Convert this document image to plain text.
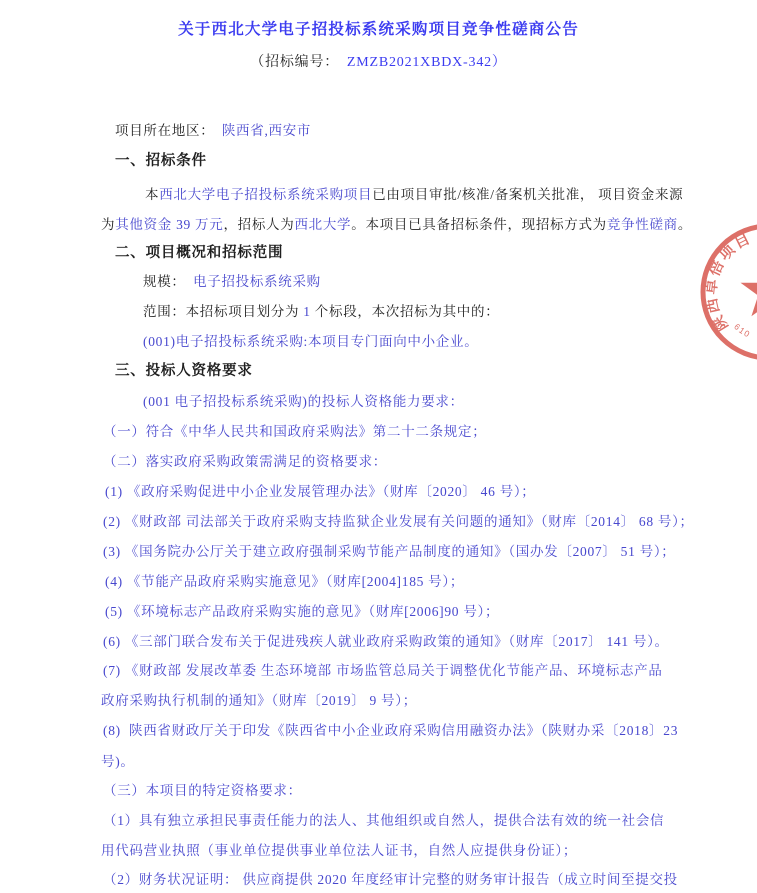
关于西北大学电子招投标系统采购项目竞争性磋商公告
（招标编号：　ZMZB2021XBDX-342）
项目所在地区：　陕西省,西安市
一、招标条件
本西北大学电子招投标系统采购项目已由项目审批/核准/备案机关批准， 项目资金来源
为其他资金 39 万元，招标人为西北大学。本项目已具备招标条件，现招标方式为竞争性磋商。
二、项目概况和招标范围
规模：　电子招投标系统采购
范围：本招标项目划分为 1 个标段，本次招标为其中的：
(001)电子招投标系统采购:本项目专门面向中小企业。
三、投标人资格要求
(001 电子招投标系统采购)的投标人资格能力要求：
（一）符合《中华人民共和国政府采购法》第二十二条规定；
（二）落实政府采购政策需满足的资格要求：
(1) 《政府采购促进中小企业发展管理办法》（财库〔2020〕 46 号）；
(2) 《财政部 司法部关于政府采购支持监狱企业发展有关问题的通知》（财库〔2014〕 68 号）；
(3) 《国务院办公厅关于建立政府强制采购节能产品制度的通知》（国办发〔2007〕 51 号）；
(4) 《节能产品政府采购实施意见》（财库[2004]185 号）；
(5) 《环境标志产品政府采购实施的意见》（财库[2006]90 号）；
(6) 《三部门联合发布关于促进残疾人就业政府采购政策的通知》（财库〔2017〕 141 号）。
(7) 《财政部 发展改革委 生态环境部 市场监管总局关于调整优化节能产品、环境标志产品
政府采购执行机制的通知》（财库〔2019〕 9 号）；
(8)  陕西省财政厅关于印发《陕西省中小企业政府采购信用融资办法》（陕财办采〔2018〕23
号)。
（三）本项目的特定资格要求：
（1）具有独立承担民事责任能力的法人、其他组织或自然人，提供合法有效的统一社会信
用代码营业执照（事业单位提供事业单位法人证书，自然人应提供身份证）；
（2）财务状况证明： 供应商提供 2020 年度经审计完整的财务审计报告（成立时间至提交投
陕西卓倍项目
610
